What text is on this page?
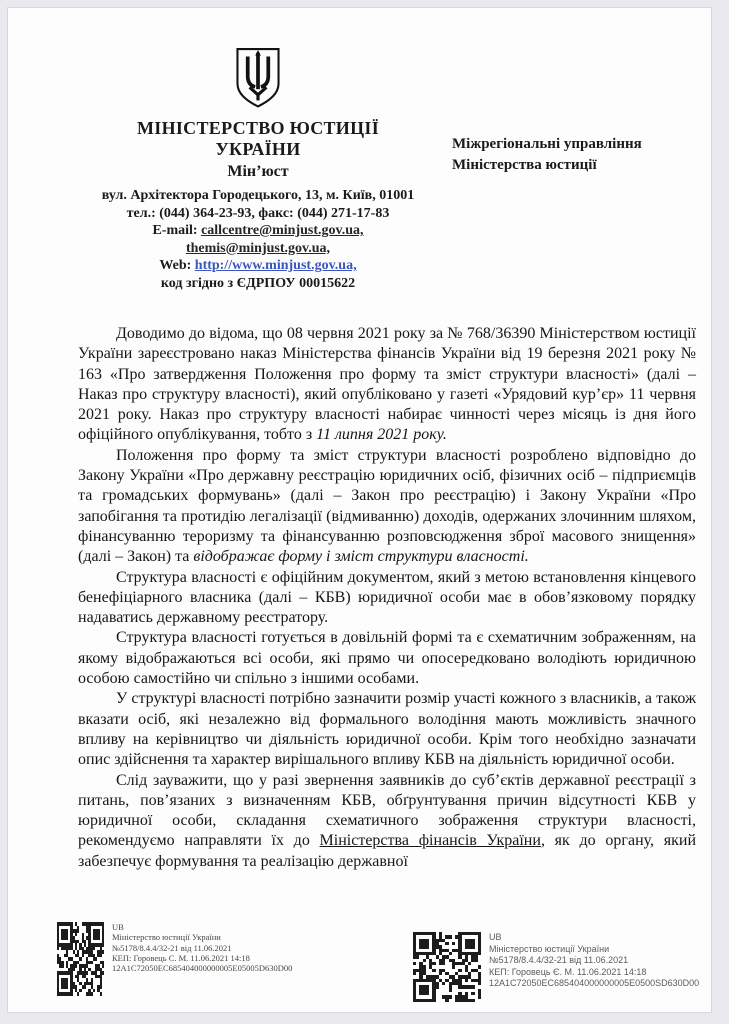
МІНІСТЕРСТВО ЮСТИЦІЇ
УКРАЇНИ
Мін’юст
вул. Архітектора Городецького, 13, м. Київ, 01001
тел.: (044) 364-23-93, факс: (044) 271-17-83
E-mail: callcentre@minjust.gov.ua,
themis@minjust.gov.ua,
Web: http://www.minjust.gov.ua,
код згідно з ЄДРПОУ 00015622
Міжрегіональні управління
Міністерства юстиції

Доводимо до відома, що 08 червня 2021 року за № 768/36390 Міністерством юстиції України зареєстровано наказ Міністерства фінансів України від 19 березня 2021 року № 163 «Про затвердження Положення про форму та зміст структури власності» (далі – Наказ про структуру власності), який опубліковано у газеті «Урядовий кур’єр» 11 червня 2021 року. Наказ про структуру власності набирає чинності через місяць із дня його офіційного опублікування, тобто з 11 липня 2021 року.

Положення про форму та зміст структури власності розроблено відповідно до Закону України «Про державну реєстрацію юридичних осіб, фізичних осіб – підприємців та громадських формувань» (далі – Закон про реєстрацію) і Закону України «Про запобігання та протидію легалізації (відмиванню) доходів, одержаних злочинним шляхом, фінансуванню тероризму та фінансуванню розповсюдження зброї масового знищення» (далі – Закон) та відображає форму і зміст структури власності.

Структура власності є офіційним документом, який з метою встановлення кінцевого бенефіціарного власника (далі – КБВ) юридичної особи має в обов’язковому порядку надаватись державному реєстратору.

Структура власності готується в довільній формі та є схематичним зображенням, на якому відображаються всі особи, які прямо чи опосередковано володіють юридичною особою самостійно чи спільно з іншими особами.

У структурі власності потрібно зазначити розмір участі кожного з власників, а також вказати осіб, які незалежно від формального володіння мають можливість значного впливу на керівництво чи діяльність юридичної особи. Крім того необхідно зазначати опис здійснення та характер вирішального впливу КБВ на діяльність юридичної особи.

Слід зауважити, що у разі звернення заявників до суб’єктів державної реєстрації з питань, пов’язаних з визначенням КБВ, обґрунтування причин відсутності КБВ у юридичної особи, складання схематичного зображення структури власності, рекомендуємо направляти їх до Міністерства фінансів України, як до органу, який забезпечує формування та реалізацію державної

UB
Міністерство юстиції України
№5178/8.4.4/32-21 від 11.06.2021
КЕП: Горовець С. М. 11.06.2021 14:18
12A1C72050EC685404000000005E05005D630D00
UB
Міністерство юстиції України
№5178/8.4.4/32-21 від 11.06.2021
КЕП: Горовець Є. М. 11.06.2021 14:18
12A1C72050EC685404000000005E0500SD630D00
